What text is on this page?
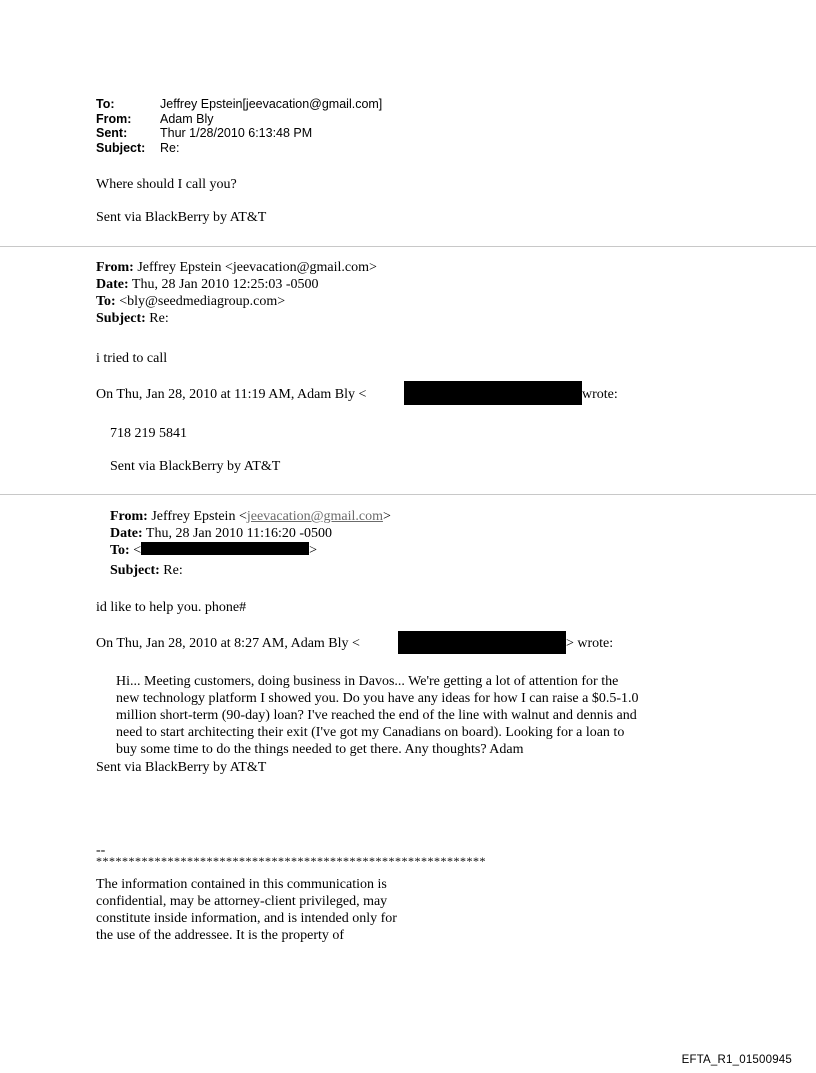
To:	Jeffrey Epstein[jeevacation@gmail.com]
From:	Adam Bly
Sent:	Thur 1/28/2010 6:13:48 PM
Subject:	Re:
Where should I call you?
Sent via BlackBerry by AT&T
From: Jeffrey Epstein <jeevacation@gmail.com>
Date: Thu, 28 Jan 2010 12:25:03 -0500
To: <bly@seedmediagroup.com>
Subject: Re:
i tried to call
On Thu, Jan 28, 2010 at 11:19 AM, Adam Bly <	wrote:
718 219 5841
Sent via BlackBerry by AT&T
From: Jeffrey Epstein <jeevacation@gmail.com>
Date: Thu, 28 Jan 2010 11:16:20 -0500
To: <	>
Subject: Re:
id like to help you. phone#
On Thu, Jan 28, 2010 at 8:27 AM, Adam Bly <	> wrote:
Hi... Meeting customers, doing business in Davos... We're getting a lot of attention for the
new technology platform I showed you. Do you have any ideas for how I can raise a $0.5-1.0
million short-term (90-day) loan? I've reached the end of the line with walnut and dennis and
need to start architecting their exit (I've got my Canadians on board). Looking for a loan to
buy some time to do the things needed to get there. Any thoughts? Adam
Sent via BlackBerry by AT&T
--
************************************************************
The information contained in this communication is
confidential, may be attorney-client privileged, may
constitute inside information, and is intended only for
the use of the addressee. It is the property of
EFTA_R1_01500945
